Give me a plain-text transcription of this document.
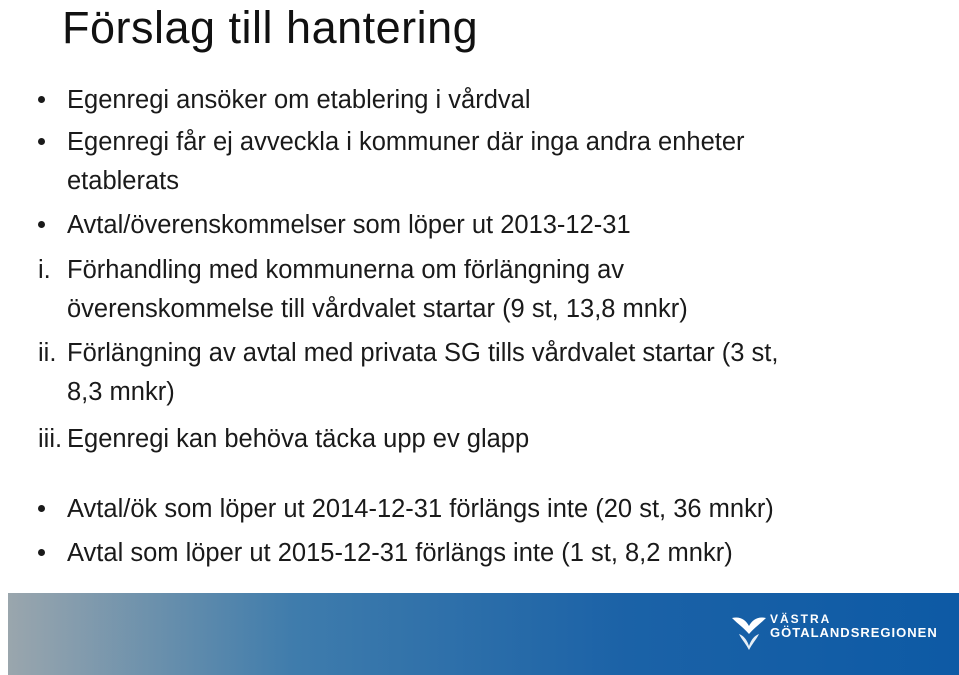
Förslag till hantering
Egenregi ansöker om etablering i vårdval
Egenregi får ej avveckla i kommuner där inga andra enheter
etablerats
Avtal/överenskommelser som löper ut 2013-12-31
i. Förhandling med kommunerna om förlängning av
överenskommelse till vårdvalet startar (9 st, 13,8 mnkr)
ii. Förlängning av avtal med privata SG tills vårdvalet startar (3 st,
8,3 mnkr)
iii. Egenregi kan behöva täcka upp ev glapp
Avtal/ök som löper ut 2014-12-31 förlängs inte (20 st, 36 mnkr)
Avtal som löper ut 2015-12-31 förlängs inte (1 st, 8,2 mnkr)
VÄSTRA
GÖTALANDSREGIONEN
